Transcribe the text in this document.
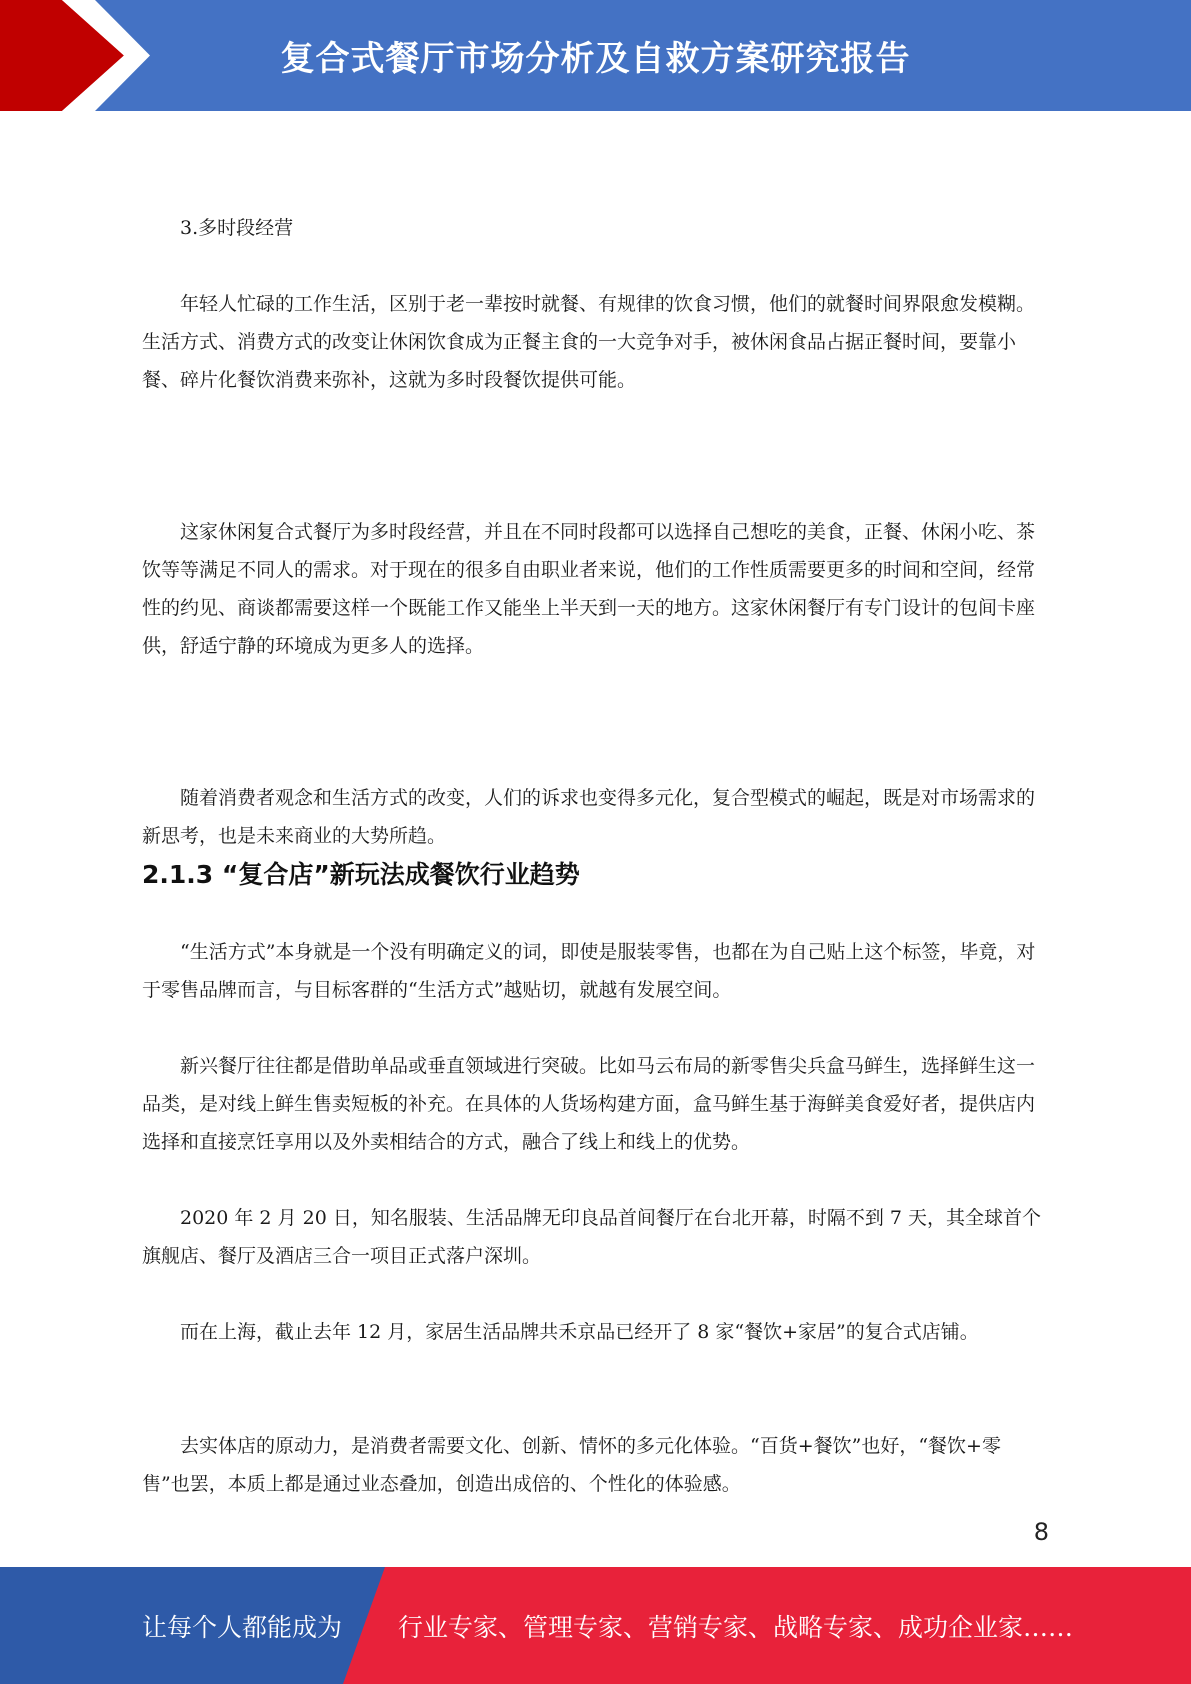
复合式餐厅市场分析及自救方案研究报告

3.多时段经营

年轻人忙碌的工作生活，区别于老一辈按时就餐、有规律的饮食习惯，他们的就餐时间界限愈发模糊。生活方式、消费方式的改变让休闲饮食成为正餐主食的一大竞争对手，被休闲食品占据正餐时间，要靠小餐、碎片化餐饮消费来弥补，这就为多时段餐饮提供可能。

这家休闲复合式餐厅为多时段经营，并且在不同时段都可以选择自己想吃的美食，正餐、休闲小吃、茶饮等等满足不同人的需求。对于现在的很多自由职业者来说，他们的工作性质需要更多的时间和空间，经常性的约见、商谈都需要这样一个既能工作又能坐上半天到一天的地方。这家休闲餐厅有专门设计的包间卡座供，舒适宁静的环境成为更多人的选择。

随着消费者观念和生活方式的改变，人们的诉求也变得多元化，复合型模式的崛起，既是对市场需求的新思考，也是未来商业的大势所趋。

2.1.3 “复合店”新玩法成餐饮行业趋势

“生活方式”本身就是一个没有明确定义的词，即使是服装零售，也都在为自己贴上这个标签，毕竟，对于零售品牌而言，与目标客群的“生活方式”越贴切，就越有发展空间。

新兴餐厅往往都是借助单品或垂直领域进行突破。比如马云布局的新零售尖兵盒马鲜生，选择鲜生这一品类，是对线上鲜生售卖短板的补充。在具体的人货场构建方面，盒马鲜生基于海鲜美食爱好者，提供店内选择和直接烹饪享用以及外卖相结合的方式，融合了线上和线上的优势。

2020 年 2 月 20 日，知名服装、生活品牌无印良品首间餐厅在台北开幕，时隔不到 7 天，其全球首个旗舰店、餐厅及酒店三合一项目正式落户深圳。

而在上海，截止去年 12 月，家居生活品牌共禾京品已经开了 8 家“餐饮+家居”的复合式店铺。

去实体店的原动力，是消费者需要文化、创新、情怀的多元化体验。“百货+餐饮”也好，“餐饮+零售”也罢，本质上都是通过业态叠加，创造出成倍的、个性化的体验感。

8
让每个人都能成为 行业专家、管理专家、营销专家、战略专家、成功企业家……
